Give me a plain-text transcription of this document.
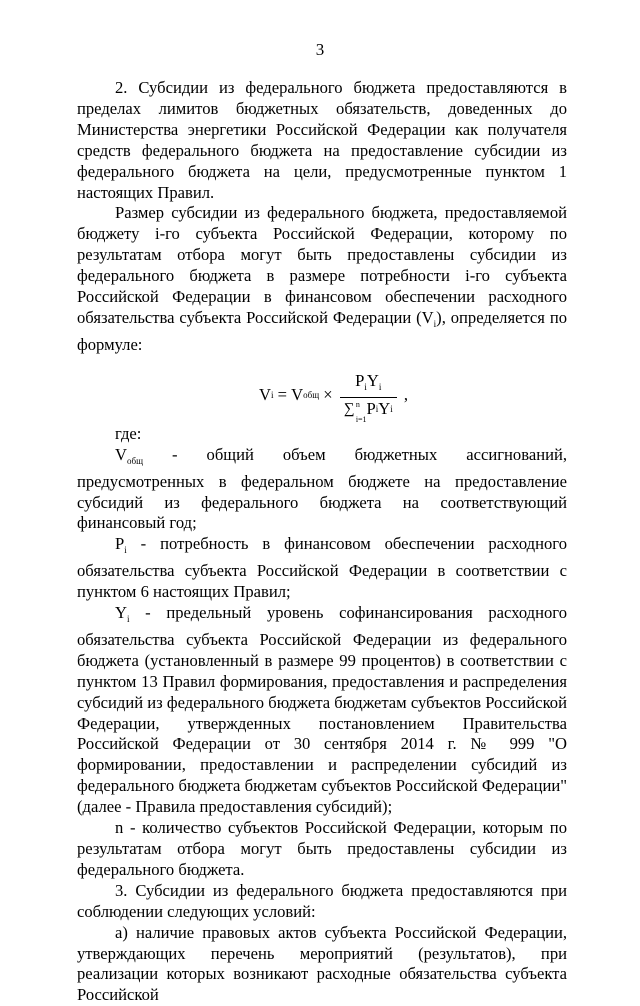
3

2. Субсидии из федерального бюджета предоставляются в пределах лимитов бюджетных обязательств, доведенных до Министерства энергетики Российской Федерации как получателя средств федерального бюджета на предоставление субсидии из федерального бюджета на цели, предусмотренные пунктом 1 настоящих Правил.

Размер субсидии из федерального бюджета, предоставляемой бюджету i-го субъекта Российской Федерации, которому по результатам отбора могут быть предоставлены субсидии из федерального бюджета в размере потребности i-го субъекта Российской Федерации в финансовом обеспечении расходного обязательства субъекта Российской Федерации $(V_i)$, определяется по формуле:

V i = V общ × $P_iY_i$
∑ n
i=1
P i Y i ,

где:

$V_{общ}$ - общий объем бюджетных ассигнований, предусмотренных в федеральном бюджете на предоставление субсидий из федерального бюджета на соответствующий финансовый год;

$P_i$ - потребность в финансовом обеспечении расходного обязательства субъекта Российской Федерации в соответствии с пунктом 6 настоящих Правил;

$Y_i$ - предельный уровень софинансирования расходного обязательства субъекта Российской Федерации из федерального бюджета (установленный в размере 99 процентов) в соответствии с пунктом 13 Правил формирования, предоставления и распределения субсидий из федерального бюджета бюджетам субъектов Российской Федерации, утвержденных постановлением Правительства Российской Федерации от 30 сентября 2014 г. № 999 "О формировании, предоставлении и распределении субсидий из федерального бюджета бюджетам субъектов Российской Федерации" (далее - Правила предоставления субсидий);

n - количество субъектов Российской Федерации, которым по результатам отбора могут быть предоставлены субсидии из федерального бюджета.

3. Субсидии из федерального бюджета предоставляются при соблюдении следующих условий:

а) наличие правовых актов субъекта Российской Федерации, утверждающих перечень мероприятий (результатов), при реализации которых возникают расходные обязательства субъекта Российской
